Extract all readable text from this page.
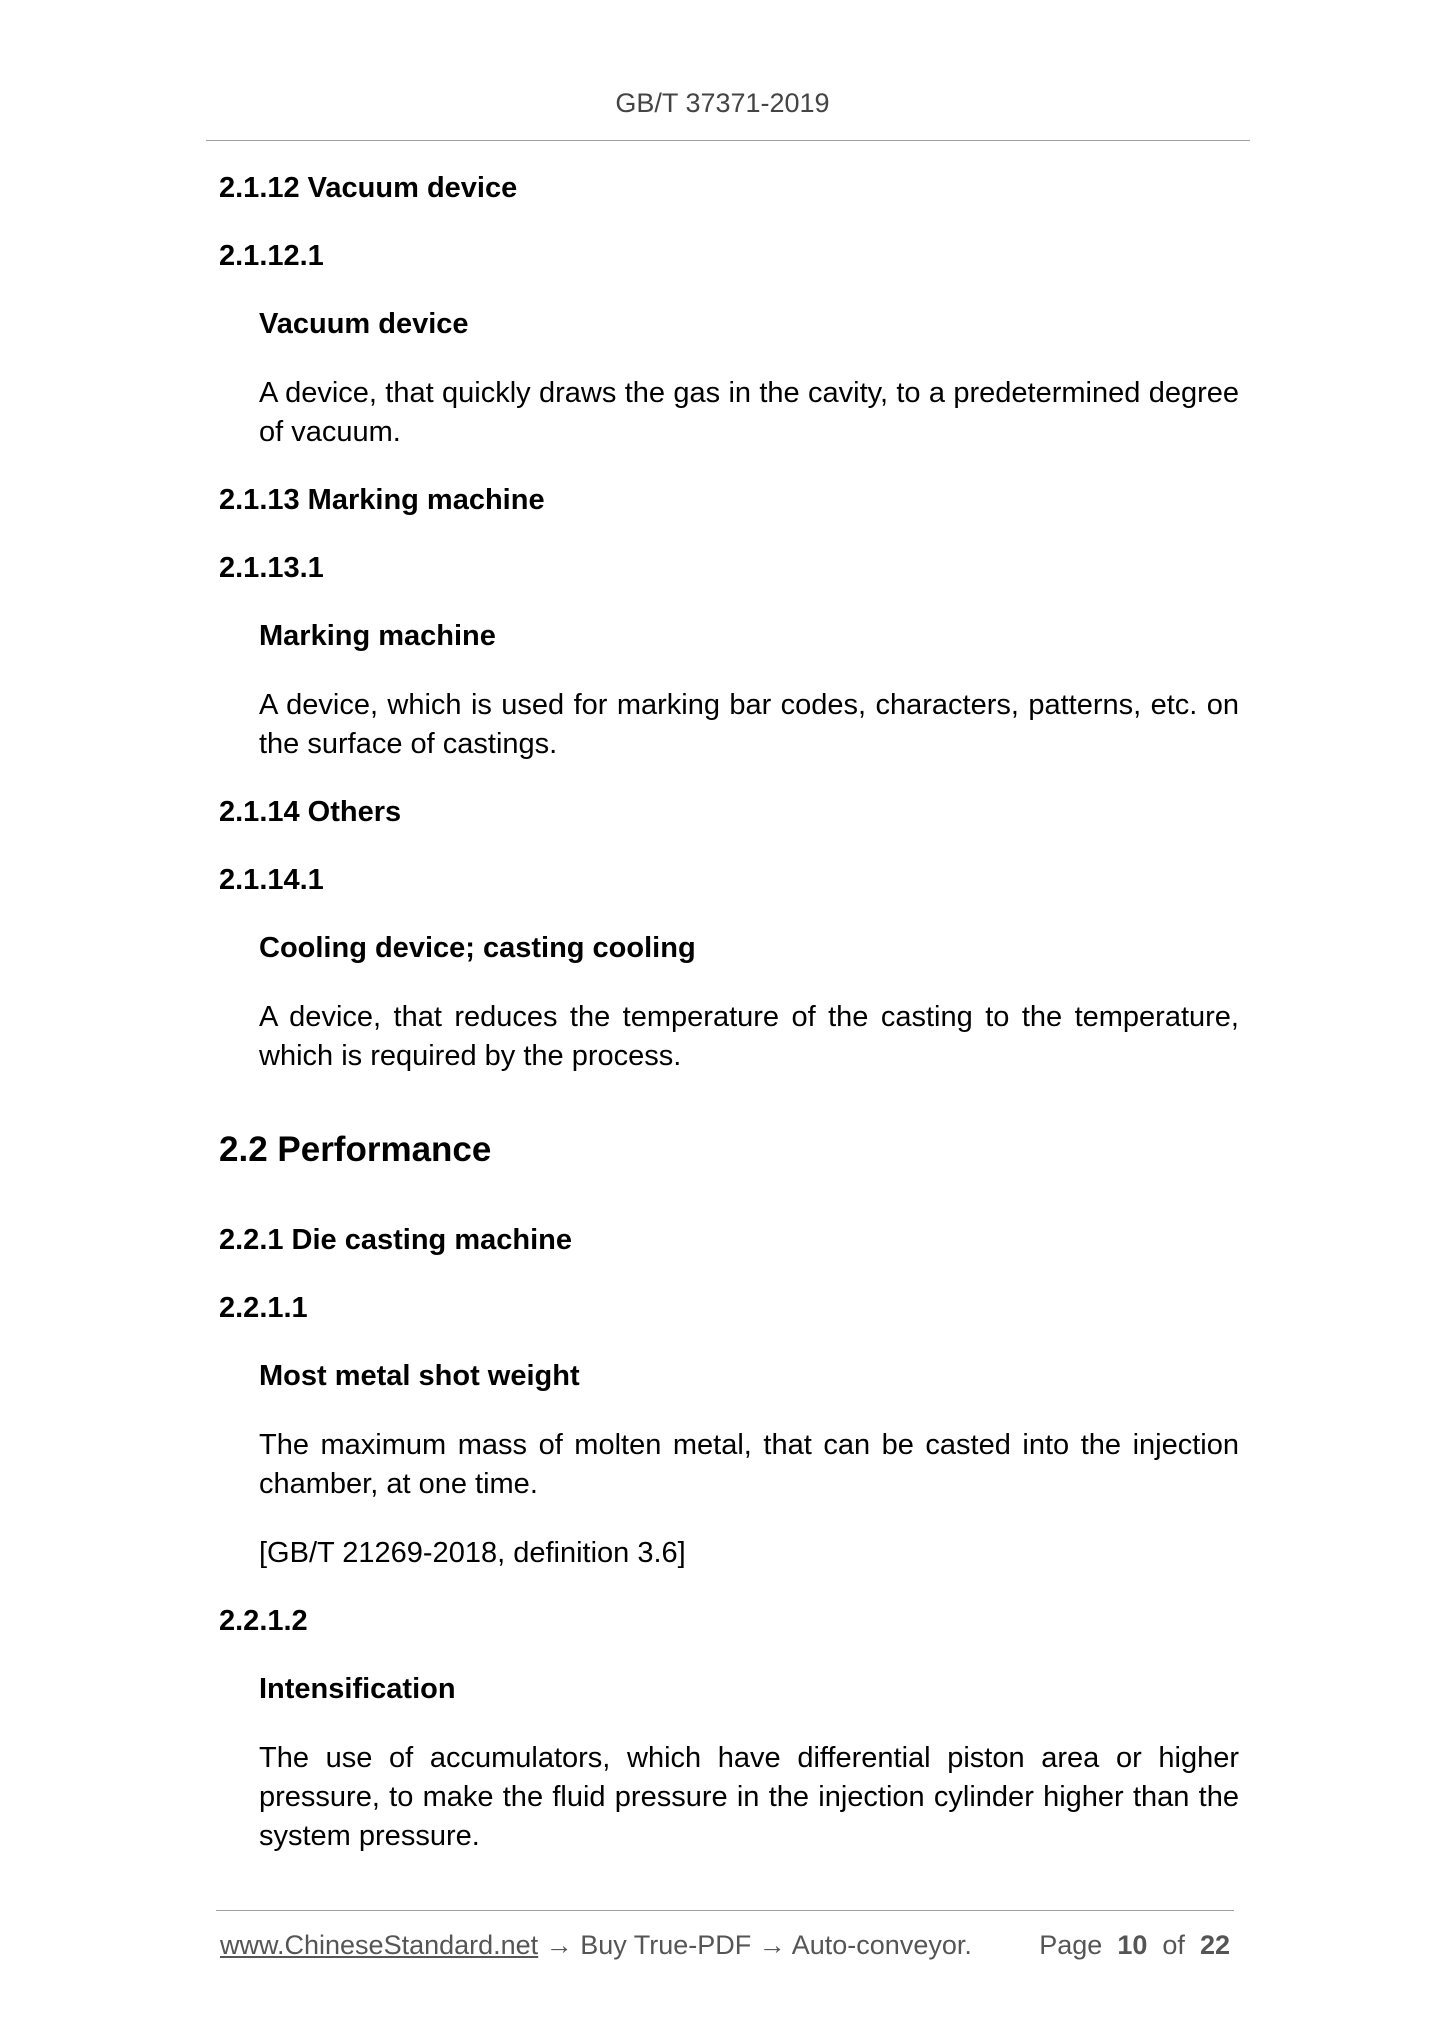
GB/T 37371-2019
2.1.12 Vacuum device
2.1.12.1
Vacuum device
A device, that quickly draws the gas in the cavity, to a predetermined degree of vacuum.
2.1.13 Marking machine
2.1.13.1
Marking machine
A device, which is used for marking bar codes, characters, patterns, etc. on the surface of castings.
2.1.14 Others
2.1.14.1
Cooling device; casting cooling
A device, that reduces the temperature of the casting to the temperature, which is required by the process.
2.2 Performance
2.2.1 Die casting machine
2.2.1.1
Most metal shot weight
The maximum mass of molten metal, that can be casted into the injection chamber, at one time.
[GB/T 21269-2018, definition 3.6]
2.2.1.2
Intensification
The use of accumulators, which have differential piston area or higher pressure, to make the fluid pressure in the injection cylinder higher than the system pressure.
www.ChineseStandard.net → Buy True-PDF → Auto-conveyor. Page 10 of 22
